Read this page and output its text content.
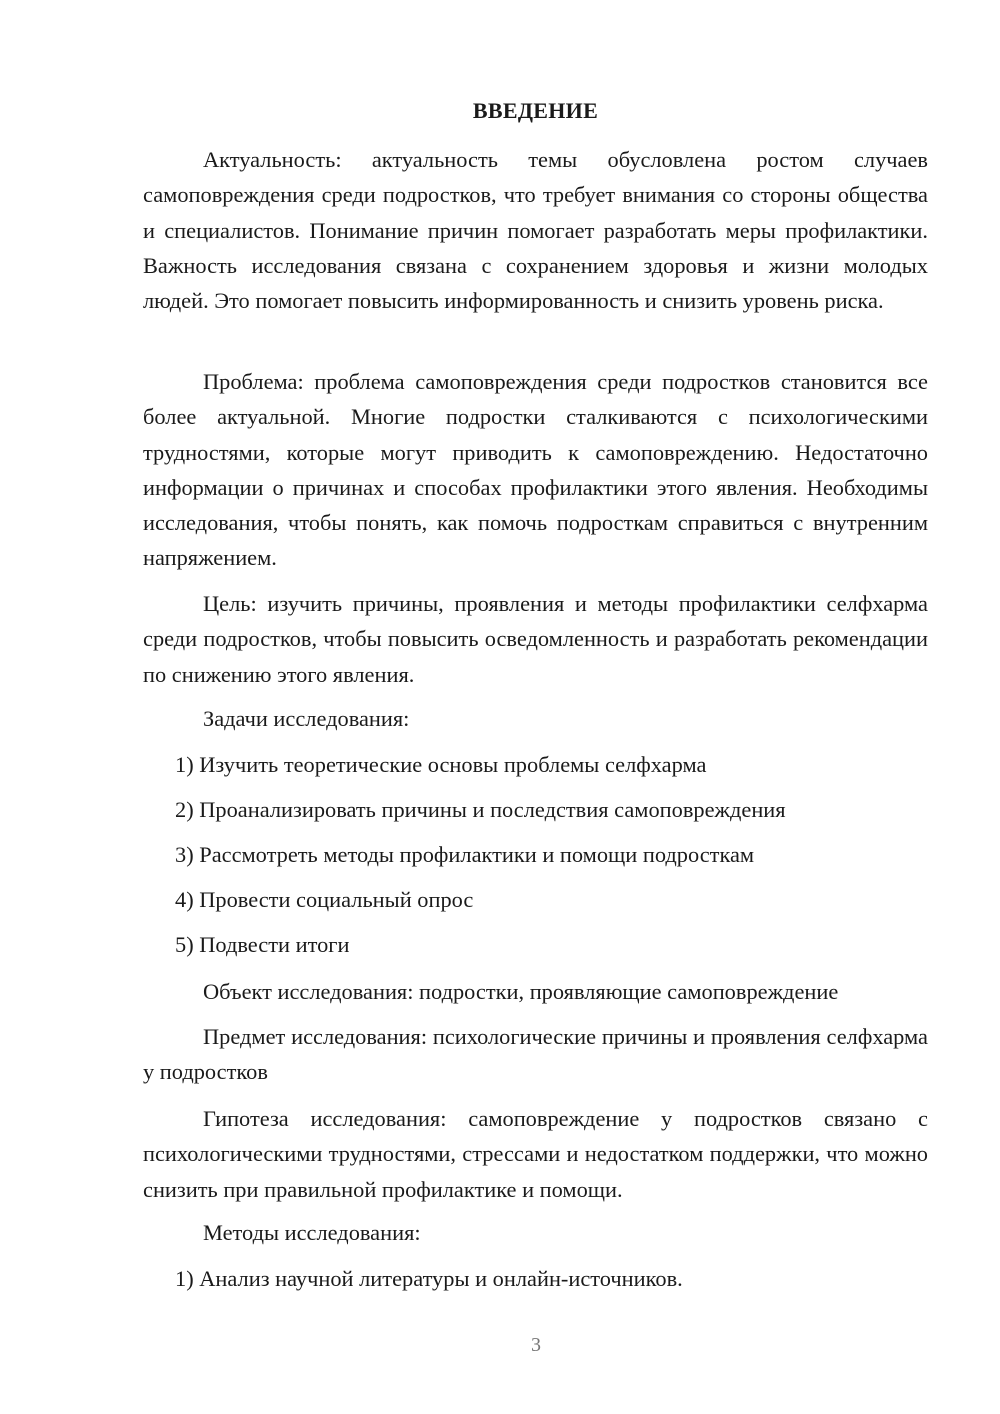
ВВЕДЕНИЕ

Актуальность: актуальность темы обусловлена ростом случаев самоповреждения среди подростков, что требует внимания со стороны общества и специалистов. Понимание причин помогает разработать меры профилактики. Важность исследования связана с сохранением здоровья и жизни молодых людей. Это помогает повысить информированность и снизить уровень риска.

Проблема: проблема самоповреждения среди подростков становится все более актуальной. Многие подростки сталкиваются с психологическими трудностями, которые могут приводить к самоповреждению. Недостаточно информации о причинах и способах профилактики этого явления. Необходимы исследования, чтобы понять, как помочь подросткам справиться с внутренним напряжением.

Цель: изучить причины, проявления и методы профилактики селфхарма среди подростков, чтобы повысить осведомленность и разработать рекомендации по снижению этого явления.

Задачи исследования:
1) Изучить теоретические основы проблемы селфхарма
2) Проанализировать причины и последствия самоповреждения
3) Рассмотреть методы профилактики и помощи подросткам
4) Провести социальный опрос
5) Подвести итоги
Объект исследования: подростки, проявляющие самоповреждение

Предмет исследования: психологические причины и проявления селфхарма у подростков

Гипотеза исследования: самоповреждение у подростков связано с психологическими трудностями, стрессами и недостатком поддержки, что можно снизить при правильной профилактике и помощи.

Методы исследования:
1) Анализ научной литературы и онлайн-источников.
3
